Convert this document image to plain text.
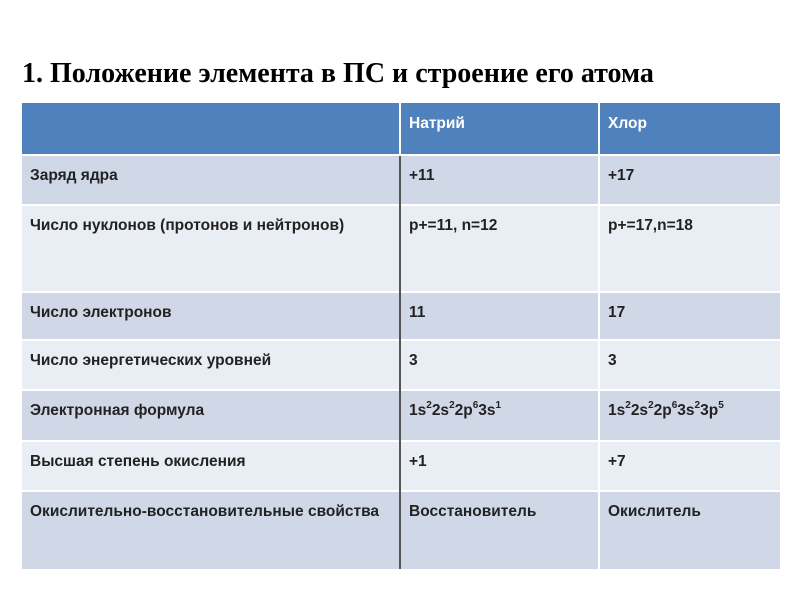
1. Положение элемента в ПС и строение его атома
	Натрий	Хлор
Заряд ядра	+11	+17
Число нуклонов (протонов и нейтронов)	p+=11, n=12	p+=17,n=18
Число электронов	11	17
Число энергетических уровней	3	3
Электронная формула	$1s^22s^22p^63s^1$	$1s^22s^22p^63s^23p^5$
Высшая степень окисления	+1	+7
Окислительно-восстановительные свойства	Восстановитель	Окислитель
